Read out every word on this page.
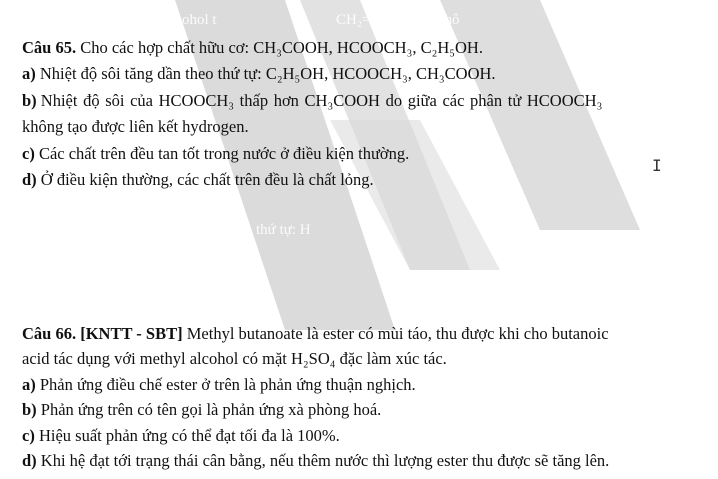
ohol t	CH₂=C	khô
i tan	thứ tự: H
tan
Câu 65. Cho các hợp chất hữu cơ: CH₃COOH, HCOOCH₃, C₂H₅OH.
a) Nhiệt độ sôi tăng dần theo thứ tự: C₂H₅OH, HCOOCH₃, CH₃COOH.
b) Nhiệt độ sôi của HCOOCH₃ thấp hơn CH₃COOH do giữa các phân tử HCOOCH₃
không tạo được liên kết hydrogen.
c) Các chất trên đều tan tốt trong nước ở điều kiện thường.
d) Ở điều kiện thường, các chất trên đều là chất lỏng.
I
Câu 66. [KNTT - SBT] Methyl butanoate là ester có mùi táo, thu được khi cho butanoic
acid tác dụng với methyl alcohol có mặt H₂SO₄ đặc làm xúc tác.
a) Phản ứng điều chế ester ở trên là phản ứng thuận nghịch.
b) Phản ứng trên có tên gọi là phản ứng xà phòng hoá.
c) Hiệu suất phản ứng có thể đạt tối đa là 100%.
d) Khi hệ đạt tới trạng thái cân bằng, nếu thêm nước thì lượng ester thu được sẽ tăng lên.
